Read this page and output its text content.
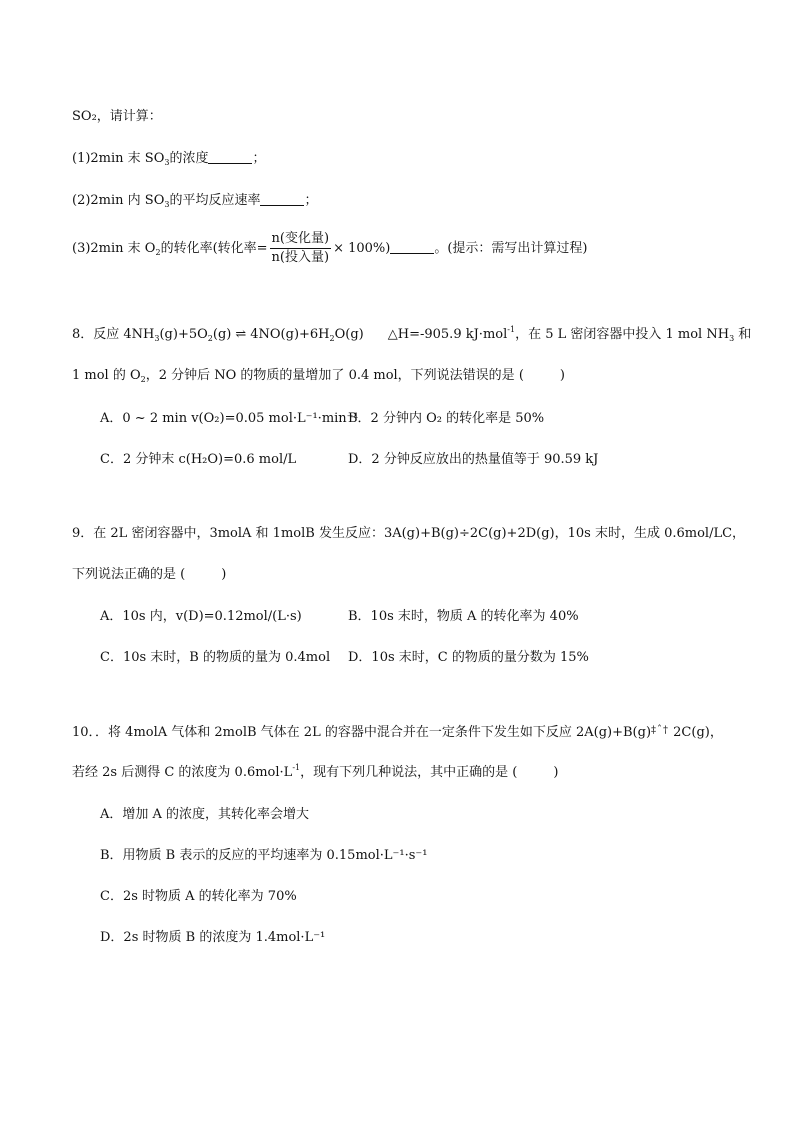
SO₂，请计算：
(1)2min 末 $SO_3$的浓度	；
(2)2min 内 $SO_3$的平均反应速率	；
(3)2min 末 $O_2$的转化率(转化率= $\frac{\text{n(变化量)}}{\text{n(投入量)}} \times 100\%$)	。(提示：需写出计算过程)
8．反应 $4NH_3(g)+5O_2(g)$ ⇌ $4NO(g)+6H_2O(g)$ △H=-905.9 kJ·mol$^{-1}$，在 5 L 密闭容器中投入 1 mol $NH_3$ 和
1 mol 的 $O_2$，2 分钟后 NO 的物质的量增加了 0.4 mol，下列说法错误的是 (	)
A．0 ~ 2 min v(O₂)=0.05 mol·L⁻¹·min⁻¹
B．2 分钟内 O₂ 的转化率是 50%
C．2 分钟末 c(H₂O)=0.6 mol/L	D．2 分钟反应放出的热量值等于 90.59 kJ
9．在 2L 密闭容器中，3molA 和 1molB 发生反应：3A(g)+B(g)÷2C(g)+2D(g)，10s 末时，生成 0.6mol/LC，
下列说法正确的是 (	)
A．10s 内，v(D)=0.12mol/(L·s)	B．10s 末时，物质 A 的转化率为 40%
C．10s 末时，B 的物质的量为 0.4mol D．10s 末时，C 的物质的量分数为 15%
10．．将 4molA 气体和 2molB 气体在 2L 的容器中混合并在一定条件下发生如下反应 2A(g)+B(g)‡ˆ† 2C(g)，
若经 2s 后测得 C 的浓度为 $0.6mol\cdot L^{-1}$，现有下列几种说法，其中正确的是 (	)
A．增加 A 的浓度，其转化率会增大
B．用物质 B 表示的反应的平均速率为 0.15mol·L⁻¹·s⁻¹
C．2s 时物质 A 的转化率为 70%
D．2s 时物质 B 的浓度为 1.4mol·L⁻¹
